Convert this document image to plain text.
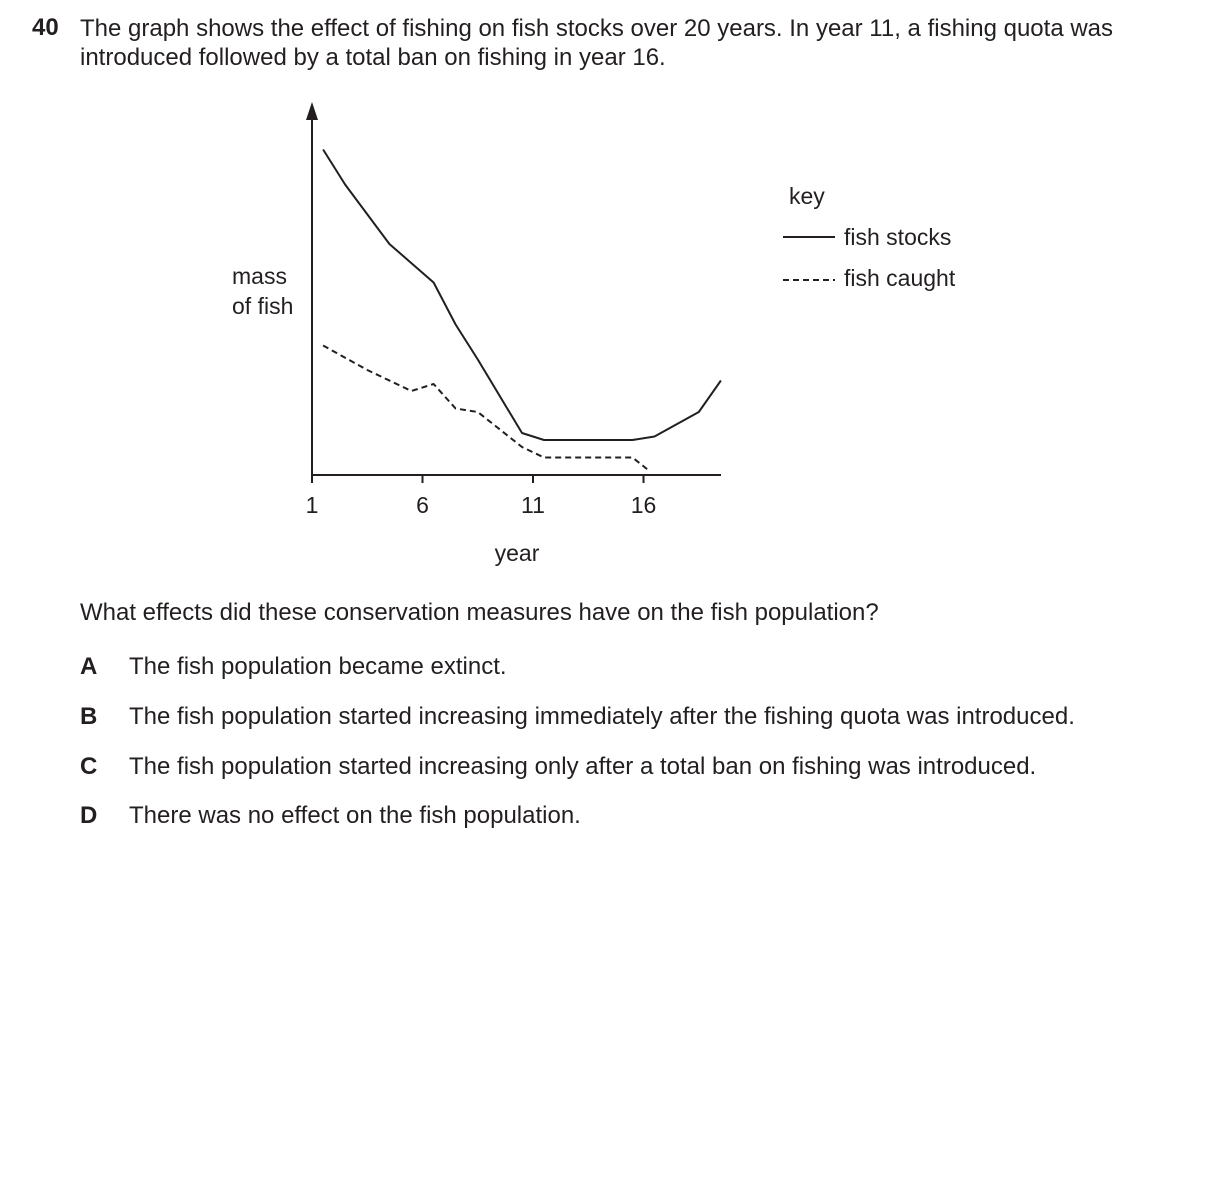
40 The graph shows the effect of fishing on fish stocks over 20 years. In year 11, a fishing quota was
introduced followed by a total ban on fishing in year 16.
1	6	11	16
mass
of fish
year
key
fish stocks
fish caught
What effects did these conservation measures have on the fish population?
A The fish population became extinct.
B The fish population started increasing immediately after the fishing quota was introduced.
C The fish population started increasing only after a total ban on fishing was introduced.
D There was no effect on the fish population.
